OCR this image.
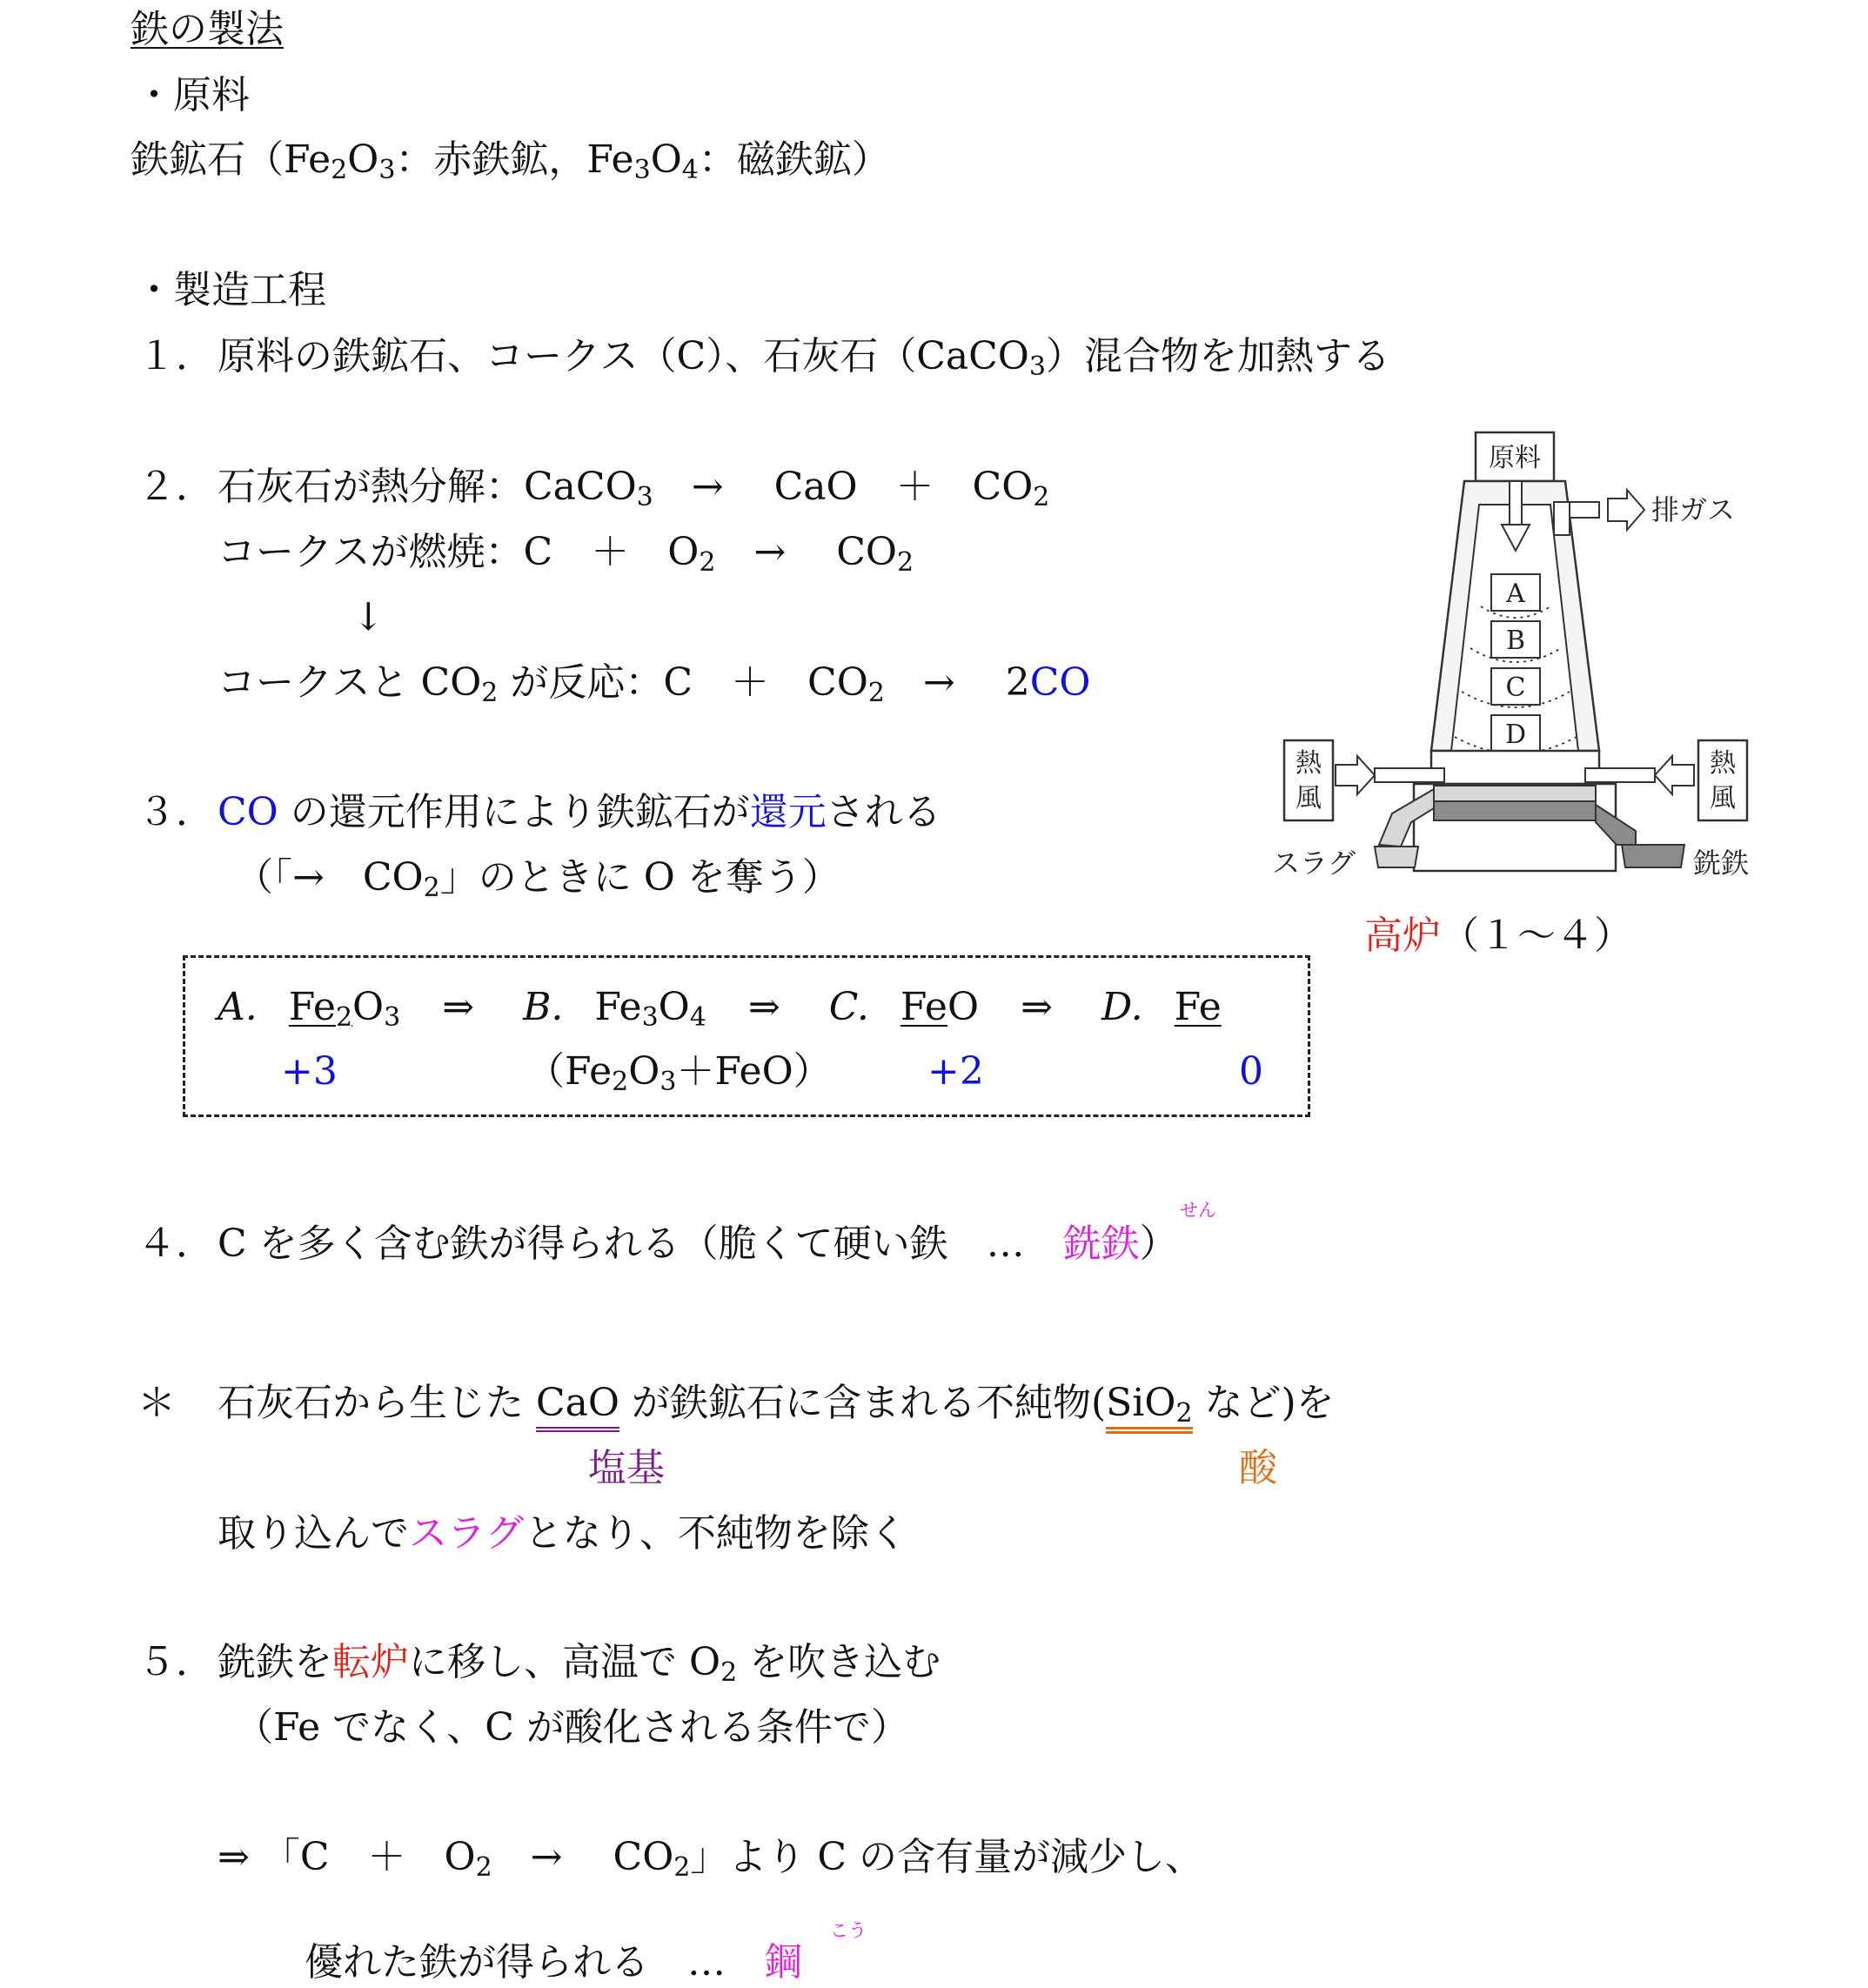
鉄の製法
・原料
鉄鉱石（$Fe_2O_3$：赤鉄鉱，$Fe_3O_4$：磁鉄鉱）
・製造工程
１． 原料の鉄鉱石、コークス（C）、石灰石（CaCO$_3$）混合物を加熱する
２． 石灰石が熱分解：CaCO$_3$　→　 CaO　＋　$CO_2$
コークスが燃焼：C　＋　$O_2$　→　 $CO_2$
↓
コークスと $CO_2$ が反応：C　＋　$CO_2$　→　 2CO
３． CO の還元作用により鉄鉱石が還元される
（「→　$CO_2$」のときに O を奪う）
A. $Fe_2O_3$ ⇒ B. $Fe_3O_4$ ⇒ C. FeO ⇒ D. Fe
+3	$(Fe_2O_3+FeO)$	+2	0
４．
せん
C を多く含む鉄が得られる（脆くて硬い鉄　…　銑鉄）
＊ 石灰石から生じた CaO が鉄鉱石に含まれる不純物(SiO$_2$ など)を
塩基	酸
取り込んでスラグとなり、不純物を除く
５． 銑鉄を転炉に移し、高温で $O_2$ を吹き込む
（Fe でなく、C が酸化される条件で）
⇒ 「C　＋　$O_2$　→　 $CO_2$」より C の含有量が減少し、
こう
優れた鉄が得られる　…　鋼
原料
排ガス
A
B
C
D
熱
風
熱
風
スラグ	銑鉄
高炉 （１～４）
